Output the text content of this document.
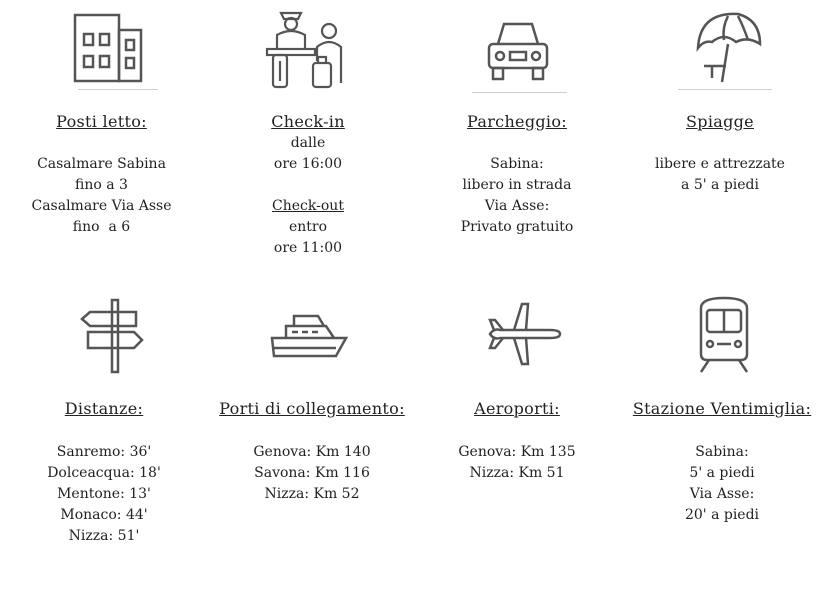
Posti letto:
Casalmare Sabina
fino a 3
Casalmare Via Asse
fino  a 6
Check-in
dalle
ore 16:00

Check-out
entro
ore 11:00
Parcheggio:
Sabina:
libero in strada
Via Asse:
Privato gratuito
Spiagge
libere e attrezzate
a 5' a piedi
Distanze:
Sanremo: 36'
Dolceacqua: 18'
Mentone: 13'
Monaco: 44'
Nizza: 51'
Porti di collegamento:
Genova: Km 140
Savona: Km 116
Nizza: Km 52
Aeroporti:
Genova: Km 135
Nizza: Km 51
Stazione Ventimiglia:
Sabina:
5' a piedi
Via Asse:
20' a piedi
